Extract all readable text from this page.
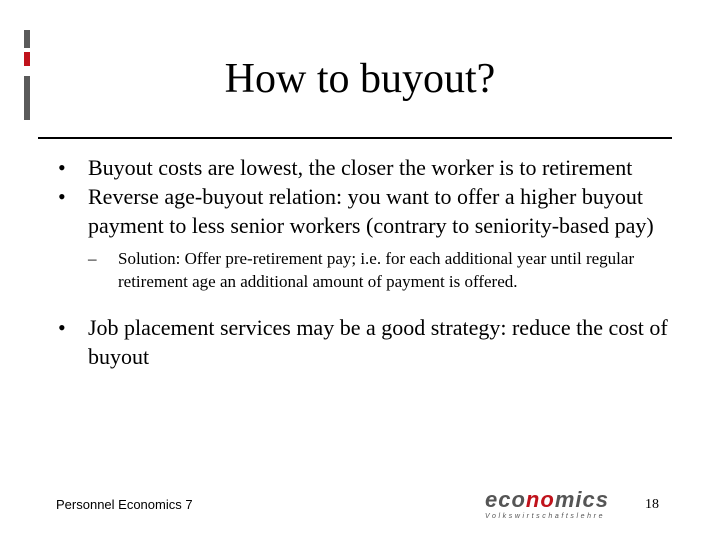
How to buyout?
• Buyout costs are lowest, the closer the worker is to retirement
• Reverse age-buyout relation: you want to offer a higher buyout payment to less senior workers (contrary to seniority-based pay)
– Solution: Offer pre-retirement pay; i.e. for each additional year until regular retirement age an additional amount of payment is offered.
• Job placement services may be a good strategy: reduce the cost of buyout
Personnel Economics 7	economics
Volkswirtschaftslehre
18
